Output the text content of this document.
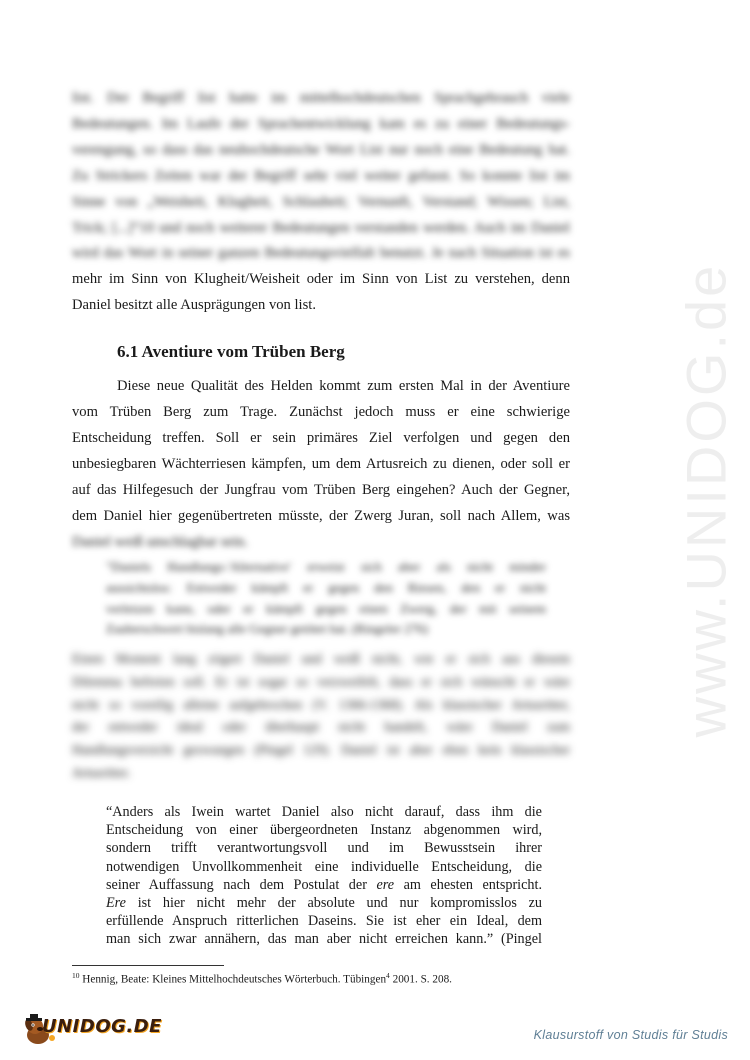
www.UNIDOG.de

list. Der Begriff list hatte im mittelhochdeutschen Sprachgebrauch viele
Bedeutungen. Im Laufe der Sprachentwicklung kam es zu einer Bedeutungs-
verengung, so dass das neuhochdeutsche Wort List nur noch eine Bedeutung hat.
Zu Strickers Zeiten war der Begriff sehr viel weiter gefasst. So konnte list im
Sinne von „Weisheit, Klugheit, Schlauheit; Vernunft, Verstand; Wissen; List,
Trick; [...]“10 und noch weiterer Bedeutungen verstanden werden. Auch im Daniel
wird das Wort in seiner ganzen Bedeutungsvielfalt benutzt. Je nach Situation ist es

mehr im Sinn von Klugheit/Weisheit oder im Sinn von List zu verstehen, denn
Daniel besitzt alle Ausprägungen von list.

6.1 Aventiure vom Trüben Berg

Diese neue Qualität des Helden kommt zum ersten Mal in der Aventiure
vom Trüben Berg zum Trage. Zunächst jedoch muss er eine schwierige
Entscheidung treffen. Soll er sein primäres Ziel verfolgen und gegen den
unbesiegbaren Wächterriesen kämpfen, um dem Artusreich zu dienen, oder soll er
auf das Hilfegesuch der Jungfrau vom Trüben Berg eingehen? Auch der Gegner,
dem Daniel hier gegenübertreten müsste, der Zwerg Juran, soll nach Allem, was

Daniel weiß unschlagbar sein.

"Daniels Handlungs-'Alternative' erweist sich aber als nicht minder
aussichtslos: Entweder kämpft er gegen den Riesen, den er nicht
verletzen kann, oder er kämpft gegen einen Zwerg, der mit seinem
Zauberschwert bislang alle Gegner getötet hat. (Ringeler 276)

Einen Moment lang zögert Daniel und weiß nicht, wie er sich aus diesem
Dilemma befreien soll. Er ist sogar so verzweifelt, dass er sich wünscht er wäre
nicht so voreilig alleine aufgebrochen (V. 1366-1368). Als klassischer Artusritter,
der entweder ideal oder überhaupt nicht handelt, wäre Daniel zum
Handlungsverzicht gezwungen (Pingel 129). Daniel ist aber eben kein klassischer
Artusritter.

“Anders als Iwein wartet Daniel also nicht darauf, dass ihm die
Entscheidung von einer übergeordneten Instanz abgenommen wird,
sondern trifft verantwortungsvoll und im Bewusstsein ihrer
notwendigen Unvollkommenheit eine individuelle Entscheidung, die
seiner Auffassung nach dem Postulat der ere am ehesten entspricht.
Ere ist hier nicht mehr der absolute und nur kompromisslos zu
erfüllende Anspruch ritterlichen Daseins. Sie ist eher ein Ideal, dem
man sich zwar annähern, das man aber nicht erreichen kann.” (Pingel

$^{10}$ Hennig, Beate: Kleines Mittelhochdeutsches Wörterbuch. Tübingen$^4$ 2001. S. 208.

UNIDOG.DE	Klausurstoff von Studis für Studis
